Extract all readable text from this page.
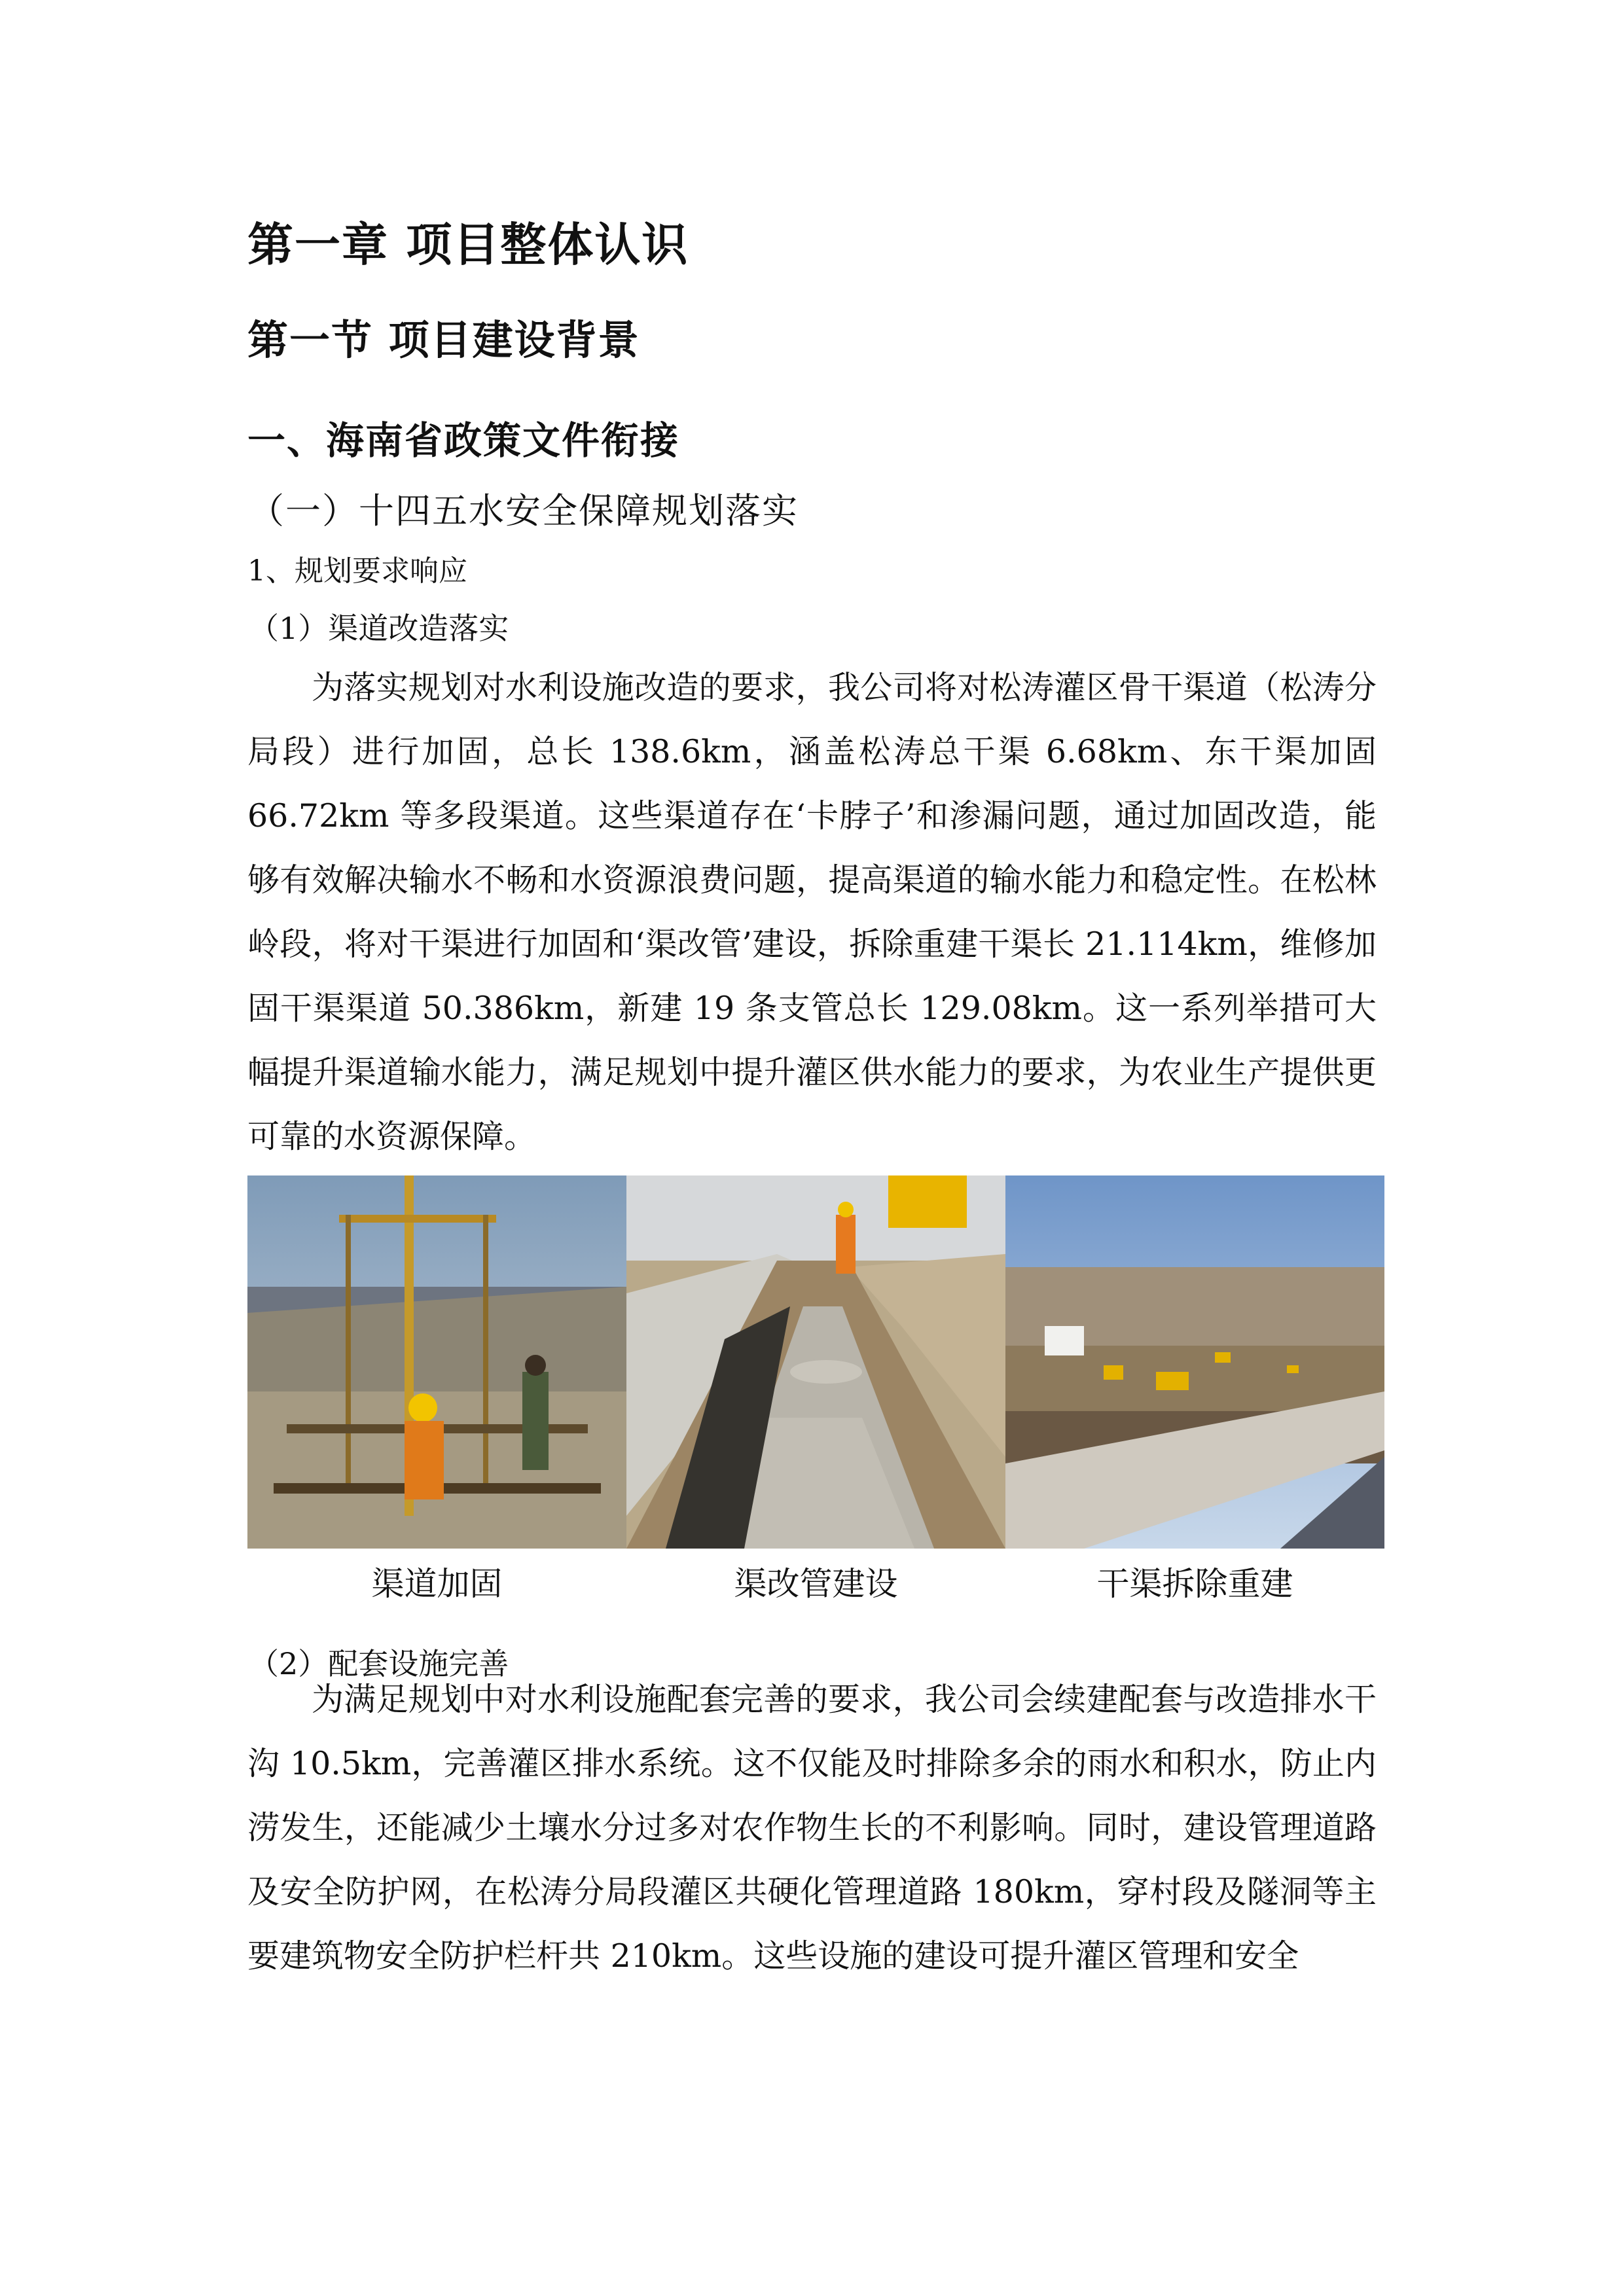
第一章 项目整体认识
第一节 项目建设背景
一、海南省政策文件衔接
（一）十四五水安全保障规划落实
1、规划要求响应
（1）渠道改造落实
为落实规划对水利设施改造的要求，我公司将对松涛灌区骨干渠道（松涛分局段）进行加固，总长 138.6km，涵盖松涛总干渠 6.68km、东干渠加固 66.72km 等多段渠道。这些渠道存在‘卡脖子’和渗漏问题，通过加固改造，能够有效解决输水不畅和水资源浪费问题，提高渠道的输水能力和稳定性。在松林岭段，将对干渠进行加固和‘渠改管’建设，拆除重建干渠长 21.114km，维修加固干渠渠道 50.386km，新建 19 条支管总长 129.08km。这一系列举措可大幅提升渠道输水能力，满足规划中提升灌区供水能力的要求，为农业生产提供更可靠的水资源保障。
渠道加固	渠改管建设	干渠拆除重建
（2）配套设施完善
为满足规划中对水利设施配套完善的要求，我公司会续建配套与改造排水干沟 10.5km，完善灌区排水系统。这不仅能及时排除多余的雨水和积水，防止内涝发生，还能减少土壤水分过多对农作物生长的不利影响。同时，建设管理道路及安全防护网，在松涛分局段灌区共硬化管理道路 180km，穿村段及隧洞等主要建筑物安全防护栏杆共 210km。这些设施的建设可提升灌区管理和安全
